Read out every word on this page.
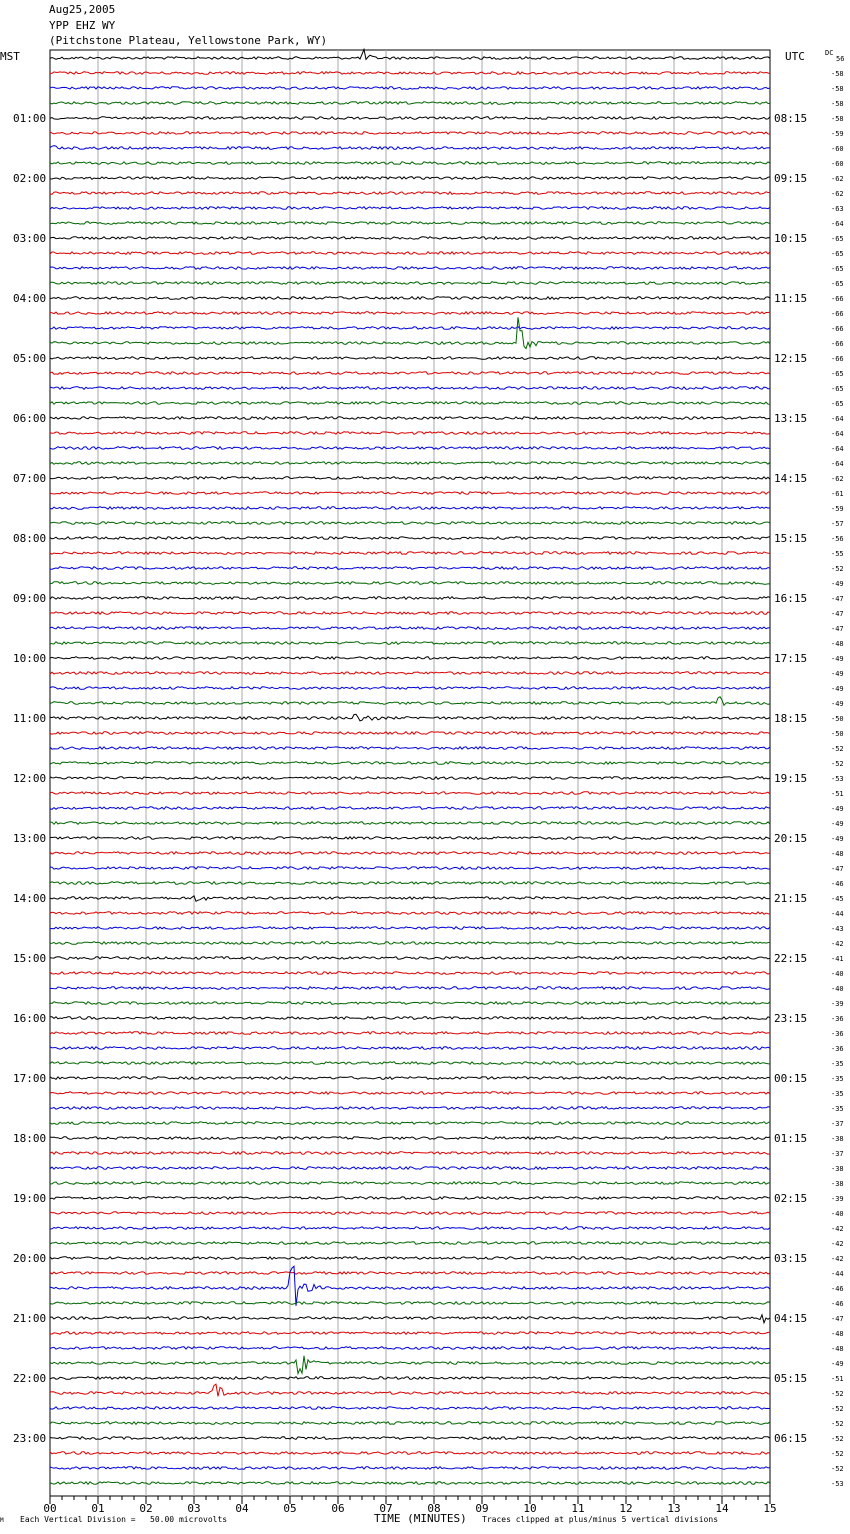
Aug25,2005
YPP EHZ WY
(Pitchstone Plateau, Yellowstone Park, WY)
MST	UTC	DC
56
-58
-58
-58
-58
-59
-60
-60
-62
-62
-63
-64
-65
-65
-65
-65
-66
-66
-66
-66
-66
-65
-65
-65
-64
-64
-64
-64
-62
-61
-59
-57
-56
-55
-52
-49
-47
-47
-47
-48
-49
-49
-49
-49
-50
-50
-52
-52
-53
-51
-49
-49
-49
-48
-47
-46
-45
-44
-43
-42
-41
-40
-40
-39
-36
-36
-36
-35
-35
-35
-35
-37
-38
-37
-38
-38
-39
-40
-42
-42
-42
-44
-46
-46
-47
-48
-48
-49
-51
-52
-52
-52
-52
-52
-52
-53
01:00
02:00
03:00
04:00
05:00
06:00
07:00
08:00
09:00
10:00
11:00
12:00
13:00
14:00
15:00
16:00
17:00
18:00
19:00
20:00
21:00
22:00
23:00
08:15
09:15
10:15
11:15
12:15
13:15
14:15
15:15
16:15
17:15
18:15
19:15
20:15
21:15
22:15
23:15
00:15
01:15
02:15
03:15
04:15
05:15
06:15
00	01	02	03	04	05	06	07	08	09	10	11	12	13	14	15
M Each Vertical Division =   50.00 microvolts	TIME (MINUTES) Traces clipped at plus/minus 5 vertical divisions
